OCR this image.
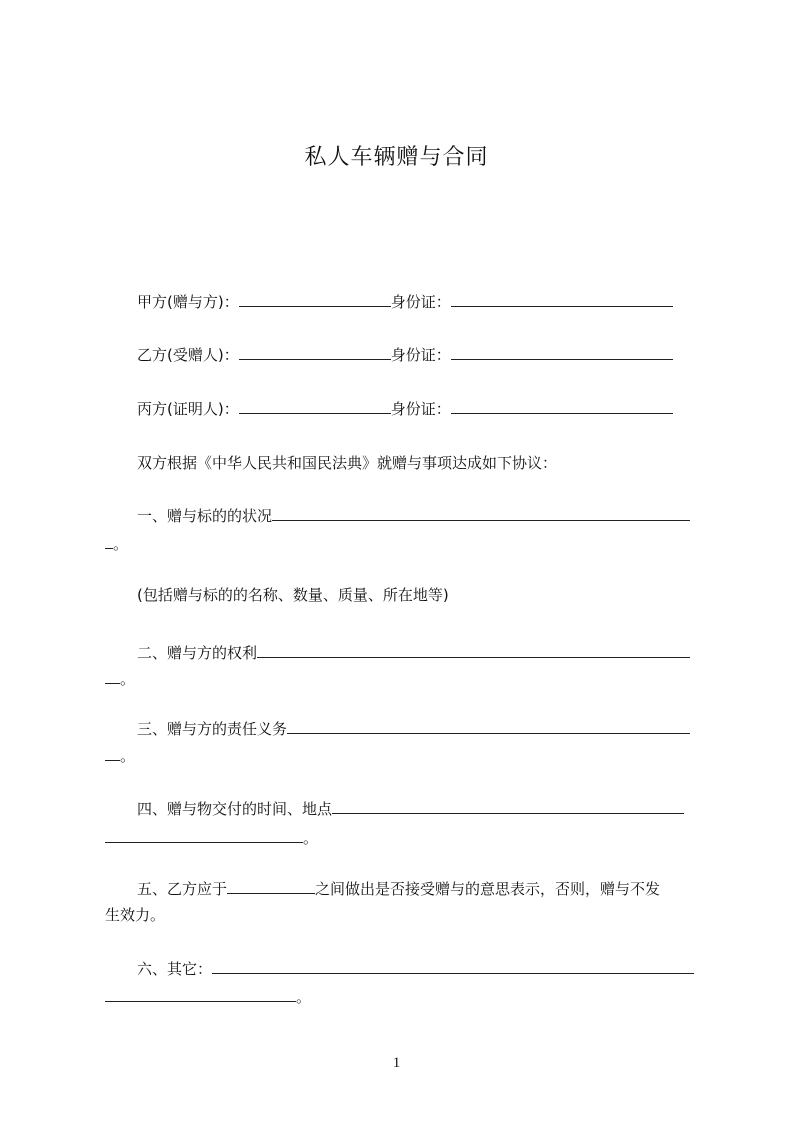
私人车辆赠与合同
甲方(赠与方)：	身份证：
乙方(受赠人)：	身份证：
丙方(证明人)：	身份证：
双方根据《中华人民共和国民法典》就赠与事项达成如下协议：
一、赠与标的的状况
。
(包括赠与标的的名称、数量、质量、所在地等)
二、赠与方的权利
。
三、赠与方的责任义务
。
四、赠与物交付的时间、地点
。
五、乙方应于	之间做出是否接受赠与的意思表示，否则，赠与不发
生效力。
六、其它：
。
1
